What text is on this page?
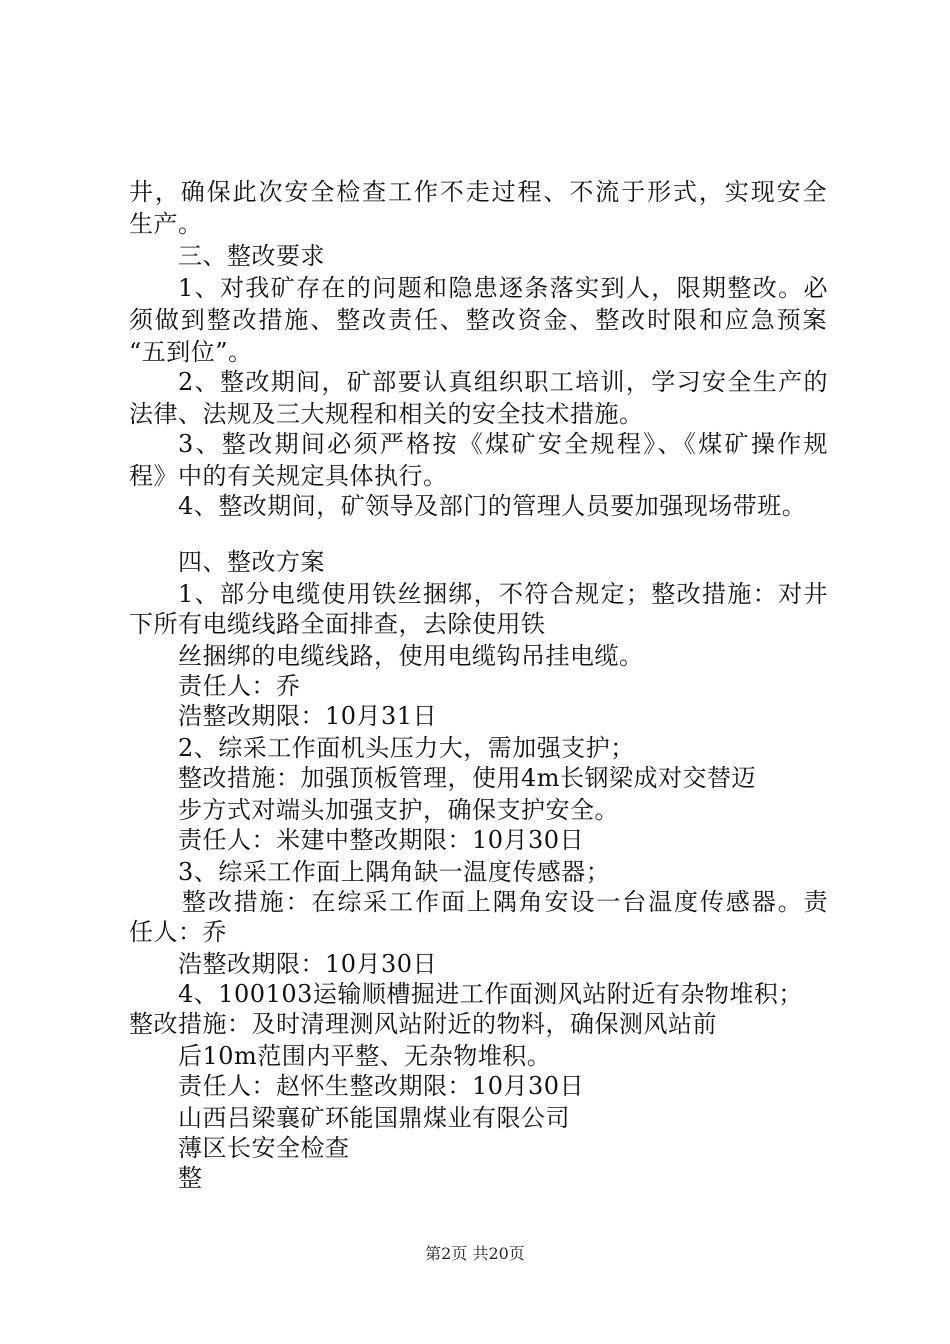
井，确保此次安全检查工作不走过程、不流于形式，实现安全
生产。
三、整改要求
1、对我矿存在的问题和隐患逐条落实到人，限期整改。必
须做到整改措施、整改责任、整改资金、整改时限和应急预案
“五到位”。
2、整改期间，矿部要认真组织职工培训，学习安全生产的
法律、法规及三大规程和相关的安全技术措施。
3、整改期间必须严格按《煤矿安全规程》、《煤矿操作规
程》中的有关规定具体执行。
4、整改期间，矿领导及部门的管理人员要加强现场带班。
四、整改方案
1、部分电缆使用铁丝捆绑，不符合规定；整改措施：对井
下所有电缆线路全面排查，去除使用铁
丝捆绑的电缆线路，使用电缆钩吊挂电缆。
责任人：乔
浩整改期限：10月31日
2、综采工作面机头压力大，需加强支护；
整改措施：加强顶板管理，使用4m长钢梁成对交替迈
步方式对端头加强支护，确保支护安全。
责任人：米建中整改期限：10月30日
3、综采工作面上隅角缺一温度传感器；
整改措施：在综采工作面上隅角安设一台温度传感器。责
任人：乔
浩整改期限：10月30日
4、100103运输顺槽掘进工作面测风站附近有杂物堆积；
整改措施：及时清理测风站附近的物料，确保测风站前
后10m范围内平整、无杂物堆积。
责任人：赵怀生整改期限：10月30日
山西吕梁襄矿环能国鼎煤业有限公司
薄区长安全检查
整
第2页 共20页
